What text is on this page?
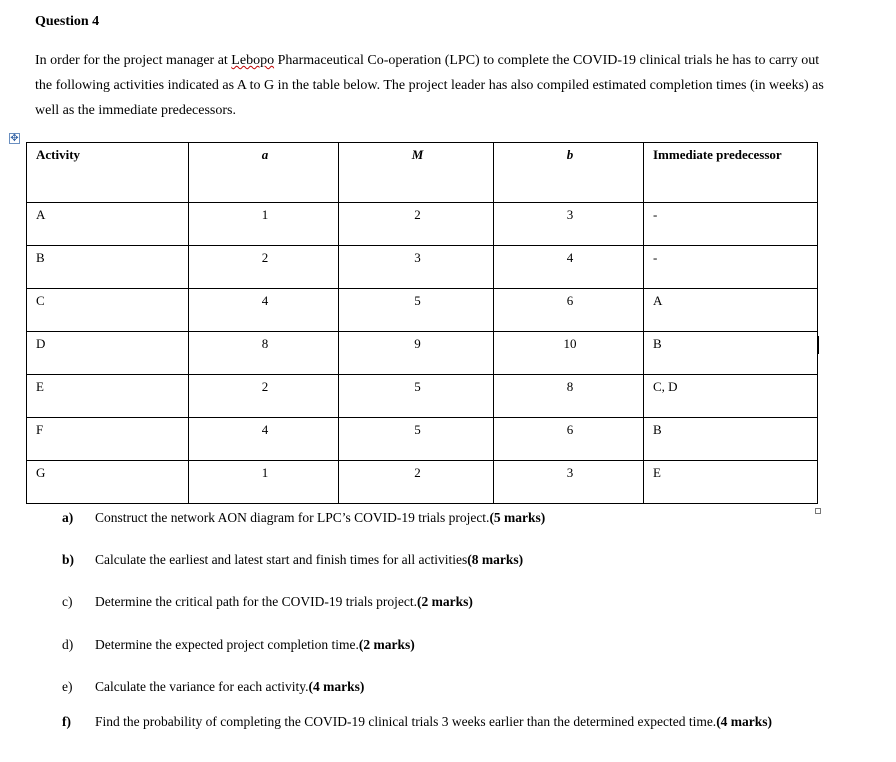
Question 4
In order for the project manager at Lebopo Pharmaceutical Co-operation (LPC) to complete the COVID-19 clinical trials he has to carry out the following activities indicated as A to G in the table below. The project leader has also compiled estimated completion times (in weeks) as well as the immediate predecessors.
✥
Activity	a	M	b	Immediate predecessor
A	1	2	3	-
B	2	3	4	-
C	4	5	6	A
D	8	9	10	B
E	2	5	8	C, D
F	4	5	6	B
G	1	2	3	E
a)	Construct the network AON diagram for LPC’s COVID-19 trials project.(5 marks)
b)	Calculate the earliest and latest start and finish times for all activities(8 marks)
c)	Determine the critical path for the COVID-19 trials project.(2 marks)
d)	Determine the expected project completion time.(2 marks)
e)	Calculate the variance for each activity.(4 marks)
f)	Find the probability of completing the COVID-19 clinical trials 3 weeks earlier than the determined expected time.(4 marks)
